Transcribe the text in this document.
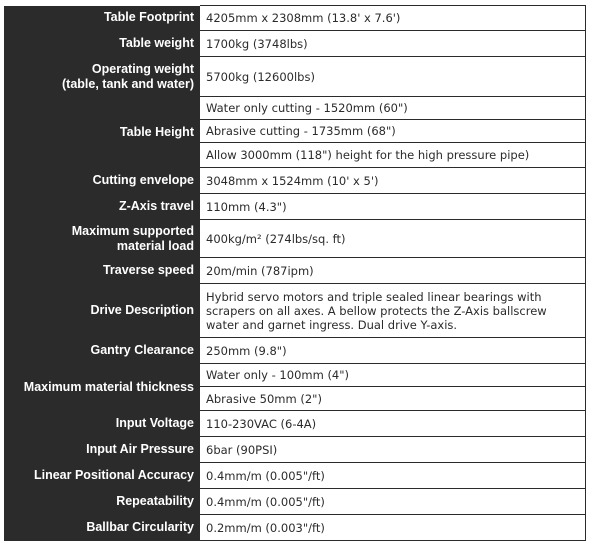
Table Footprint	4205mm x 2308mm (13.8' x 7.6')
Table weight	1700kg (3748lbs)
Operating weight
(table, tank and water)	5700kg (12600lbs)
Table Height	Water only cutting - 1520mm (60")
Abrasive cutting - 1735mm (68")
Allow 3000mm (118") height for the high pressure pipe)

Cutting envelope	3048mm x 1524mm (10' x 5')
Z-Axis travel	110mm (4.3")
Maximum supported
material load	400kg/m² (274lbs/sq. ft)
Traverse speed	20m/min (787ipm)
Drive Description	Hybrid servo motors and triple sealed linear bearings with scrapers on all axes. A bellow protects the Z-Axis ballscrew water and garnet ingress. Dual drive Y-axis.
Gantry Clearance	250mm (9.8")
Maximum material thickness	Water only - 100mm (4")
Abrasive 50mm (2")

Input Voltage	110-230VAC (6-4A)
Input Air Pressure	6bar (90PSI)
Linear Positional Accuracy	0.4mm/m (0.005"/ft)
Repeatability	0.4mm/m (0.005"/ft)
Ballbar Circularity	0.2mm/m (0.003"/ft)
